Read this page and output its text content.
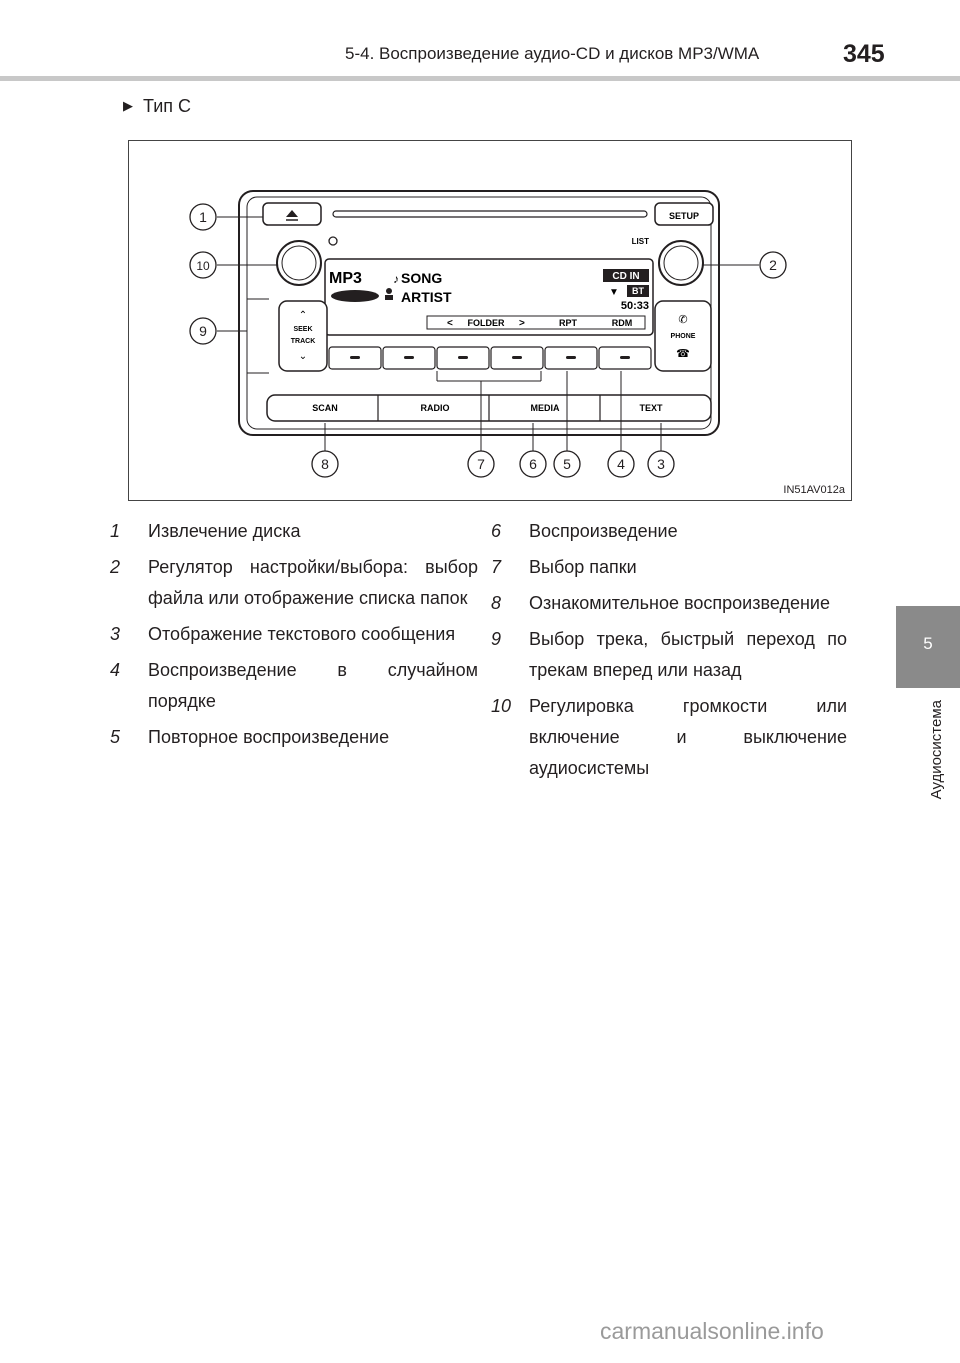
5-4. Воспроизведение аудио-CD и дисков MP3/WMA	345
▶ Тип C
5
Аудиосистема
SETUP
LIST
MP3	♪ SONG
ARTIST
CD IN
▼ BT
50:33
< FOLDER >	RPT	RDM
⌃
SEEK
TRACK
⌄
✆
PHONE
☎
SCAN	RADIO	MEDIA	TEXT
1
2
3
4
5
6
7
8
9
10
IN51AV012a
1 Извлечение диска
2 Регулятор настройки/выбора: выбор файла или отображение списка папок
3 Отображение текстового сообщения
4 Воспроизведение в случайном порядке
5 Повторное воспроизведение
6 Воспроизведение
7 Выбор папки
8 Ознакомительное воспроизведение
9 Выбор трека, быстрый переход по трекам вперед или назад
10 Регулировка громкости или включение и выключение аудиосистемы
carmanualsonline.info
